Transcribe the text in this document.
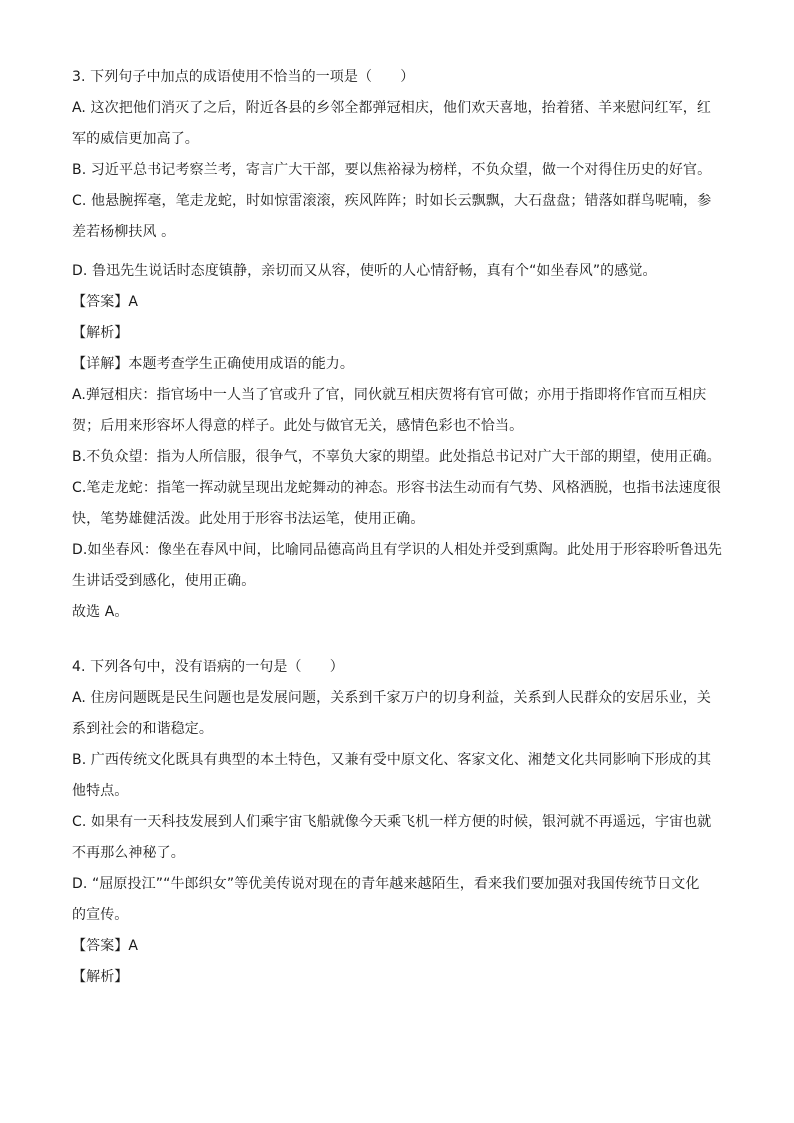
3. 下列句子中加点的成语使用不恰当的一项是（　　）
A. 这次把他们消灭了之后，附近各县的乡邻全都弹冠相庆，他们欢天喜地，抬着猪、羊来慰问红军，红
军的威信更加高了。
B. 习近平总书记考察兰考，寄言广大干部，要以焦裕禄为榜样，不负众望，做一个对得住历史的好官。
C. 他悬腕挥毫，笔走龙蛇，时如惊雷滚滚，疾风阵阵；时如长云飘飘，大石盘盘；错落如群鸟呢喃，参
差若杨柳扶风 。
D. 鲁迅先生说话时态度镇静，亲切而又从容，使听的人心情舒畅，真有个“如坐春风”的感觉。
【答案】A
【解析】
【详解】本题考查学生正确使用成语的能力。
A.弹冠相庆：指官场中一人当了官或升了官，同伙就互相庆贺将有官可做；亦用于指即将作官而互相庆
贺；后用来形容坏人得意的样子。此处与做官无关，感情色彩也不恰当。
B.不负众望：指为人所信服，很争气，不辜负大家的期望。此处指总书记对广大干部的期望，使用正确。
C.笔走龙蛇：指笔一挥动就呈现出龙蛇舞动的神态。形容书法生动而有气势、风格洒脱，也指书法速度很
快，笔势雄健活泼。此处用于形容书法运笔，使用正确。
D.如坐春风：像坐在春风中间，比喻同品德高尚且有学识的人相处并受到熏陶。此处用于形容聆听鲁迅先
生讲话受到感化，使用正确。
故选 A。
4. 下列各句中，没有语病的一句是（　　）
A. 住房问题既是民生问题也是发展问题，关系到千家万户的切身利益，关系到人民群众的安居乐业，关
系到社会的和谐稳定。
B. 广西传统文化既具有典型的本土特色，又兼有受中原文化、客家文化、湘楚文化共同影响下形成的其
他特点。
C. 如果有一天科技发展到人们乘宇宙飞船就像今天乘飞机一样方便的时候，银河就不再遥远，宇宙也就
不再那么神秘了。
D. “屈原投江”“牛郎织女”等优美传说对现在的青年越来越陌生，看来我们要加强对我国传统节日文化
的宣传。
【答案】A
【解析】
